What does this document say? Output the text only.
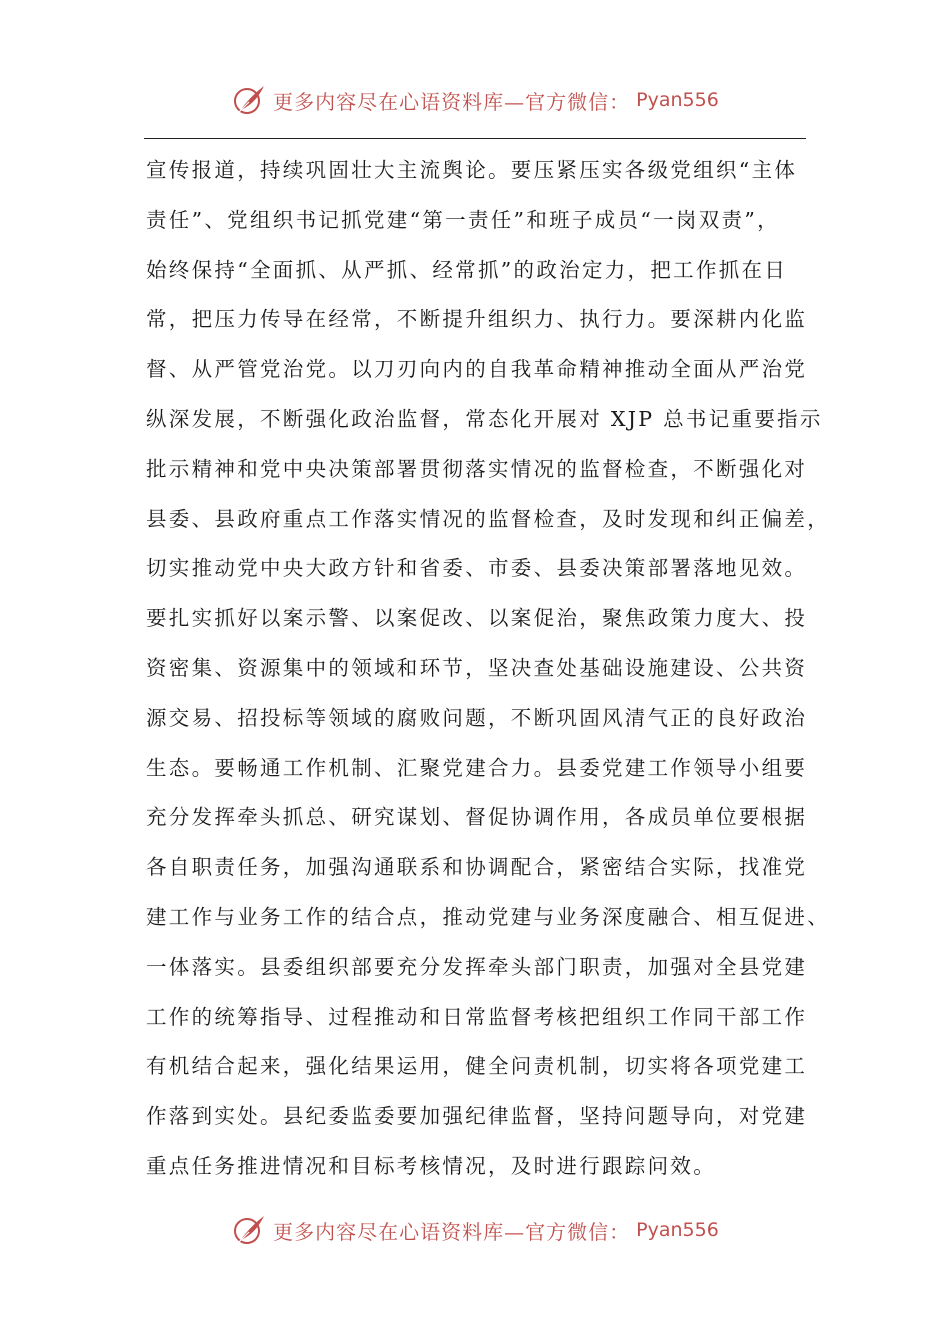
更多内容尽在心语资料库—官方微信： Pyan556
宣传报道，持续巩固壮大主流舆论。要压紧压实各级党组织“主体
责任”、党组织书记抓党建“第一责任”和班子成员“一岗双责”，
始终保持“全面抓、从严抓、经常抓”的政治定力，把工作抓在日
常，把压力传导在经常，不断提升组织力、执行力。要深耕内化监
督、从严管党治党。以刀刃向内的自我革命精神推动全面从严治党
纵深发展，不断强化政治监督，常态化开展对 XJP 总书记重要指示
批示精神和党中央决策部署贯彻落实情况的监督检查，不断强化对
县委、县政府重点工作落实情况的监督检查，及时发现和纠正偏差，
切实推动党中央大政方针和省委、市委、县委决策部署落地见效。
要扎实抓好以案示警、以案促改、以案促治，聚焦政策力度大、投
资密集、资源集中的领域和环节，坚决查处基础设施建设、公共资
源交易、招投标等领域的腐败问题，不断巩固风清气正的良好政治
生态。要畅通工作机制、汇聚党建合力。县委党建工作领导小组要
充分发挥牵头抓总、研究谋划、督促协调作用，各成员单位要根据
各自职责任务，加强沟通联系和协调配合，紧密结合实际，找准党
建工作与业务工作的结合点，推动党建与业务深度融合、相互促进、
一体落实。县委组织部要充分发挥牵头部门职责，加强对全县党建
工作的统筹指导、过程推动和日常监督考核把组织工作同干部工作
有机结合起来，强化结果运用，健全问责机制，切实将各项党建工
作落到实处。县纪委监委要加强纪律监督，坚持问题导向，对党建
重点任务推进情况和目标考核情况，及时进行跟踪问效。
更多内容尽在心语资料库—官方微信： Pyan556
